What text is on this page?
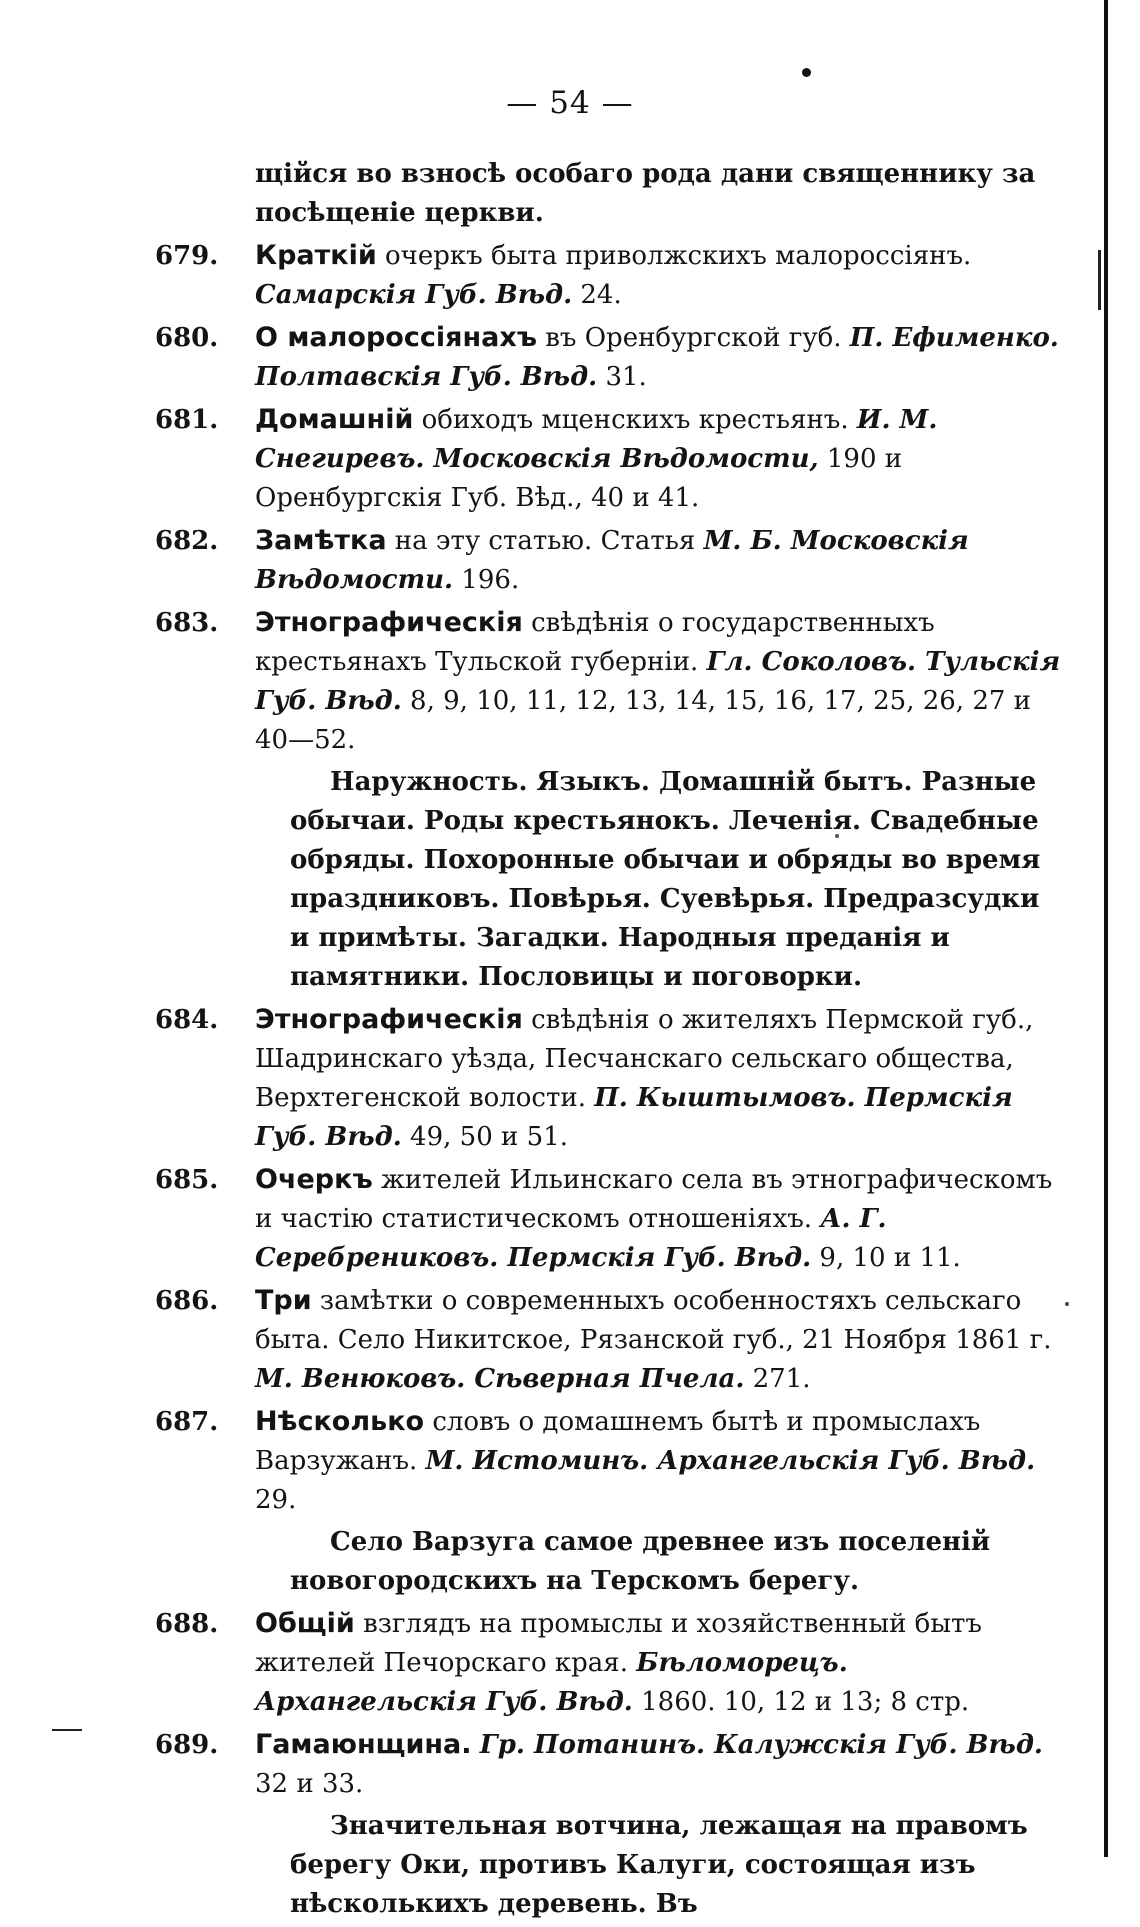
— 54 —

щійся во взносѣ особаго рода дани священнику за посѣщеніе церкви.

679. Краткій очеркъ быта приволжскихъ малороссіянъ. Самарскія Губ. Вѣд. 24.

680. О малороссіянахъ въ Оренбургской губ. П. Ефименко. Полтавскія Губ. Вѣд. 31.

681. Домашній обиходъ мценскихъ крестьянъ. И. М. Снегиревъ. Московскія Вѣдомости, 190 и Оренбургскія Губ. Вѣд., 40 и 41.

682. Замѣтка на эту статью. Статья М. Б. Московскія Вѣдомости. 196.

683. Этнографическія свѣдѣнія о государственныхъ крестьянахъ Тульской губерніи. Гл. Соколовъ. Тульскія Губ. Вѣд. 8, 9, 10, 11, 12, 13, 14, 15, 16, 17, 25, 26, 27 и 40—52.

Наружность. Языкъ. Домашній бытъ. Разные обычаи. Роды крестьянокъ. Леченія. Свадебные обряды. Похоронные обычаи и обряды во время праздниковъ. Повѣрья. Суевѣрья. Предразсудки и примѣты. Загадки. Народныя преданія и памятники. Пословицы и поговорки.

684. Этнографическія свѣдѣнія о жителяхъ Пермской губ., Шадринскаго уѣзда, Песчанскаго сельскаго общества, Верхтегенской волости. П. Кыштымовъ. Пермскія Губ. Вѣд. 49, 50 и 51.

685. Очеркъ жителей Ильинскаго села въ этнографическомъ и частію статистическомъ отношеніяхъ. А. Г. Серебрениковъ. Пермскія Губ. Вѣд. 9, 10 и 11.

686. Три замѣтки о современныхъ особенностяхъ сельскаго быта. Село Никитское, Рязанской губ., 21 Ноября 1861 г. М. Венюковъ. Сѣверная Пчела. 271.

687. Нѣсколько словъ о домашнемъ бытѣ и промыслахъ Варзужанъ. М. Истоминъ. Архангельскія Губ. Вѣд. 29.

Село Варзуга самое древнее изъ поселеній новогородскихъ на Терскомъ берегу.

688. Общій взглядъ на промыслы и хозяйственный бытъ жителей Печорскаго края. Бѣломорецъ. Архангельскія Губ. Вѣд. 1860. 10, 12 и 13; 8 стр.

689. Гамаюнщина. Гр. Потанинъ. Калужскія Губ. Вѣд. 32 и 33.

Значительная вотчина, лежащая на правомъ берегу Оки, противъ Калуги, состоящая изъ нѣсколькихъ деревень. Въ
